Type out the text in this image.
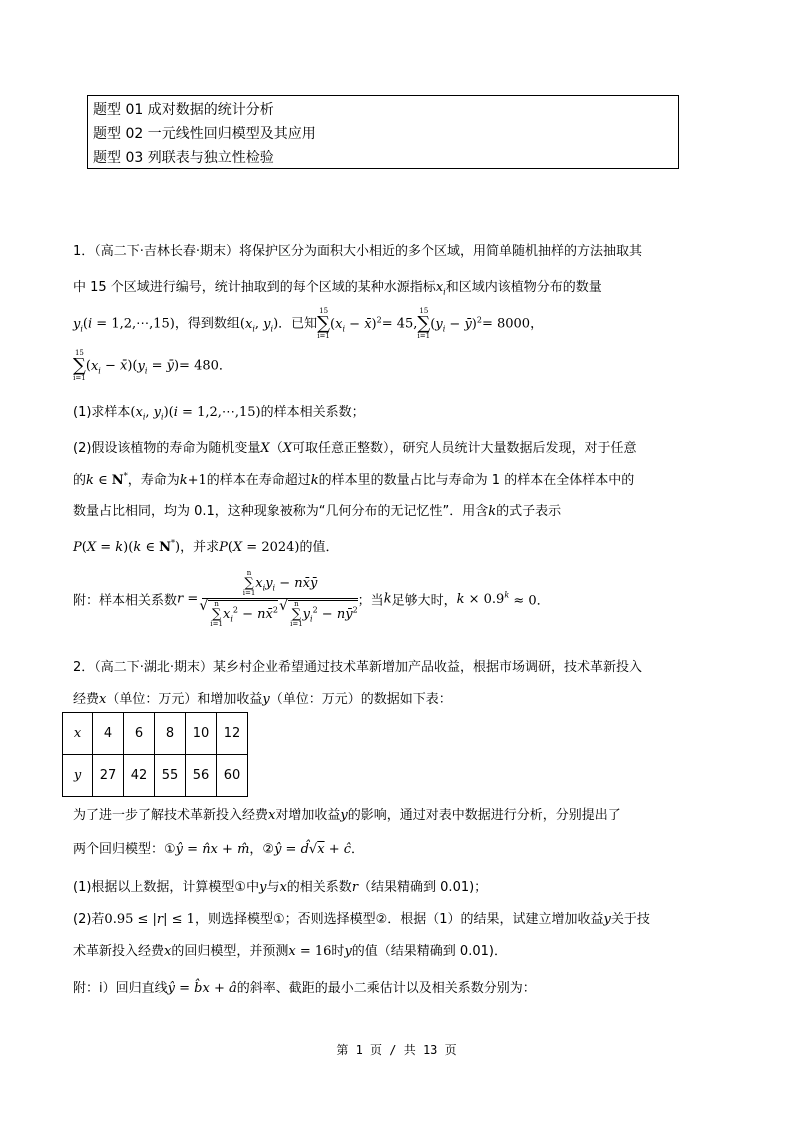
题型 01 成对数据的统计分析
题型 02 一元线性回归模型及其应用
题型 03 列联表与独立性检验
1．（高二下·吉林长春·期末）将保护区分为面积大小相近的多个区域，用简单随机抽样的方法抽取其
中 15 个区域进行编号，统计抽取到的每个区域的某种水源指标$x_i$和区域内该植物分布的数量
$y_i(i$ = 1,2,⋯,15)，得到数组($x_i$, $y_i$)．已知
15
∑
i=1
($x_i$ − x̄)$^2$= 45,
15
∑
i=1
($y_i$ − ȳ)$^2$= 8000，
15
∑
i=1
($x_i$ − $x̄)(y_i$ = ȳ)= 480．
(1)求样本($x_i$, $y_i)(i$ = 1,2,⋯,15)的样本相关系数；
(2)假设该植物的寿命为随机变量X（X可取任意正整数），研究人员统计大量数据后发现，对于任意
的k ∈ N*，寿命为k+1的样本在寿命超过k的样本里的数量占比与寿命为 1 的样本在全体样本中的
数量占比相同，均为 0.1，这种现象被称为“几何分布的无记忆性”．用含k的式子表示
P(X = k)(k ∈ N*)，并求P(X = 2024)的值．
附：样本相关系数r = n
∑
i=1
$x_iy_i$ − nx̄ȳ
√ n
∑
i=1
$x_i^2$ − nx̄$^2$
√ n
∑
i=1
$y_i^2$ − $nȳ^2$ ；当k足够大时，$k \times 0.9^k \approx 0$．
2．（高二下·湖北·期末）某乡村企业希望通过技术革新增加产品收益，根据市场调研，技术革新投入
经费x（单位：万元）和增加收益y（单位：万元）的数据如下表：
x	4	6	8	10	12
y	27	42	55	56	60
为了进一步了解技术革新投入经费x对增加收益y的影响，通过对表中数据进行分析，分别提出了
两个回归模型：①ŷ = n̂x + m̂，②ŷ = d̂√x + ĉ．
(1)根据以上数据，计算模型①中y与x的相关系数r（结果精确到 0.01)；
(2)若0.95 ≤ |r| ≤ 1，则选择模型①；否则选择模型②．根据（1）的结果，试建立增加收益y关于技
术革新投入经费x的回归模型，并预测x = 16时y的值（结果精确到 0.01)．
附：i）回归直线ŷ = b̂x + â的斜率、截距的最小二乘估计以及相关系数分别为：
第 1 页 / 共 13 页
